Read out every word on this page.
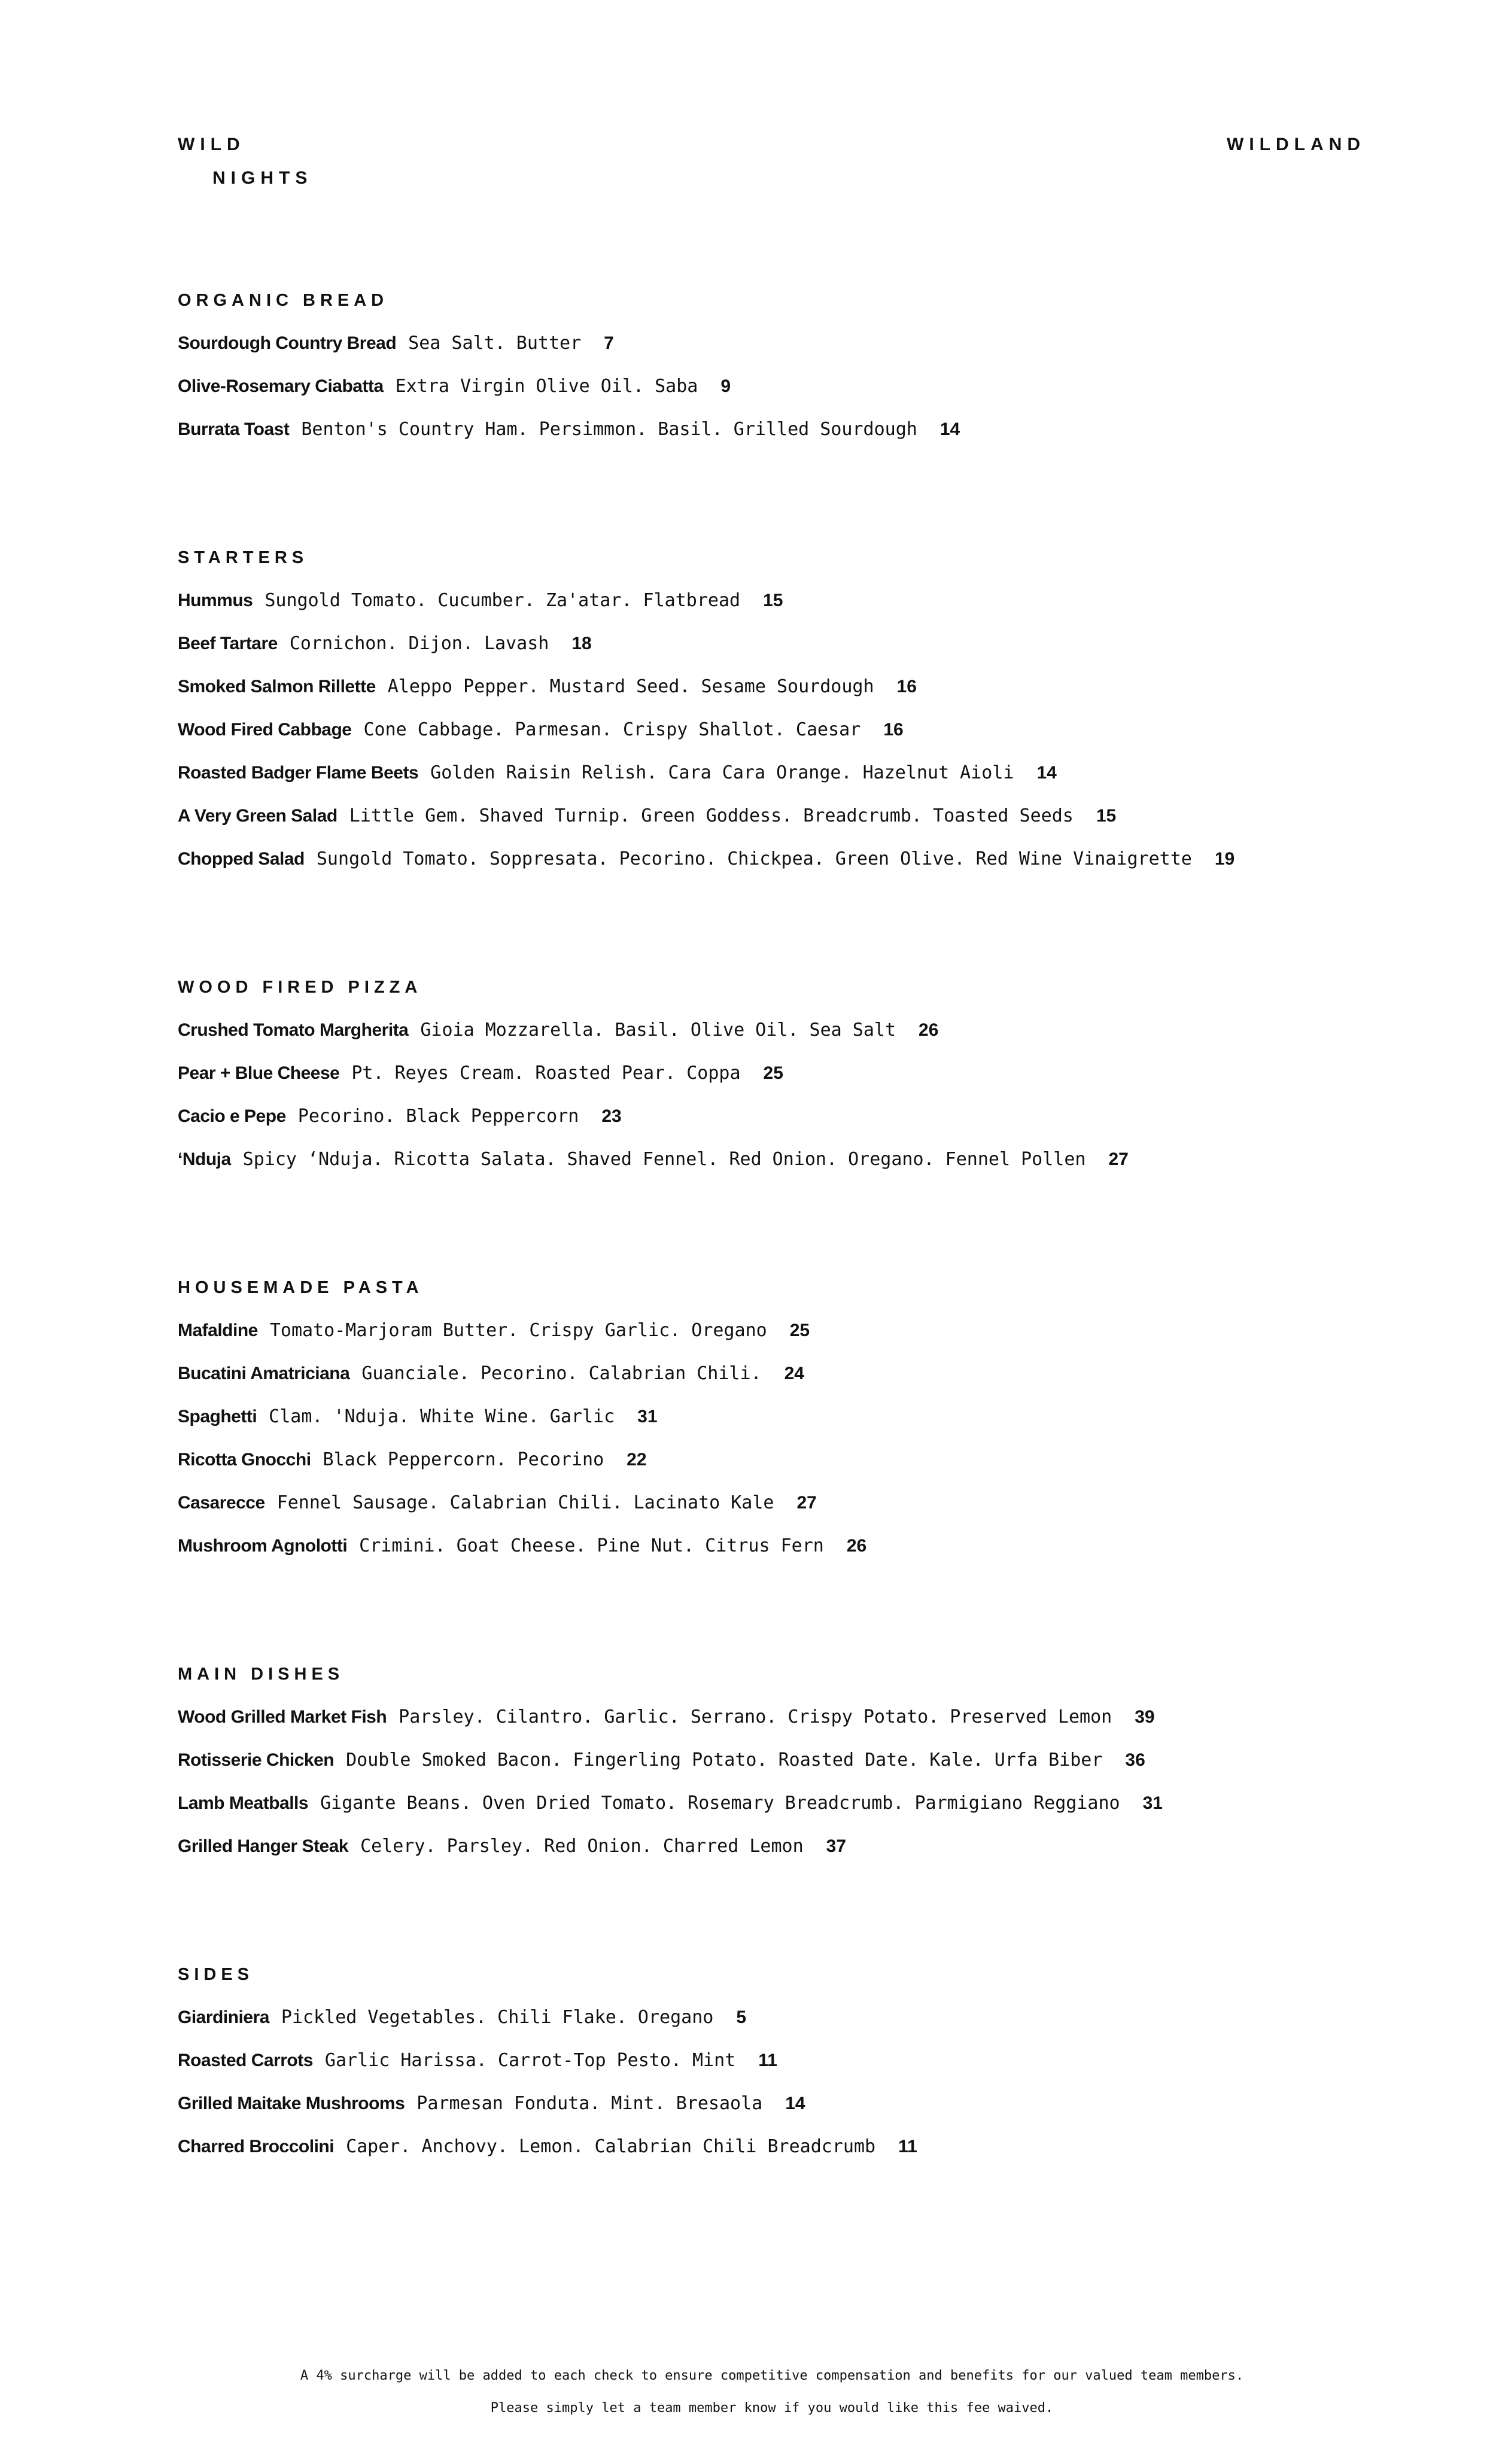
WILD
NIGHTS
WILDLAND
ORGANIC BREAD
Sourdough Country Bread Sea Salt. Butter 7
Olive-Rosemary Ciabatta Extra Virgin Olive Oil. Saba 9
Burrata Toast Benton's Country Ham. Persimmon. Basil. Grilled Sourdough 14
STARTERS
Hummus Sungold Tomato. Cucumber. Za'atar. Flatbread 15
Beef Tartare Cornichon. Dijon. Lavash 18
Smoked Salmon Rillette Aleppo Pepper. Mustard Seed. Sesame Sourdough 16
Wood Fired Cabbage Cone Cabbage. Parmesan. Crispy Shallot. Caesar 16
Roasted Badger Flame Beets Golden Raisin Relish. Cara Cara Orange. Hazelnut Aioli 14
A Very Green Salad Little Gem. Shaved Turnip. Green Goddess. Breadcrumb. Toasted Seeds 15
Chopped Salad Sungold Tomato. Soppresata. Pecorino. Chickpea. Green Olive. Red Wine Vinaigrette 19
WOOD FIRED PIZZA
Crushed Tomato Margherita Gioia Mozzarella. Basil. Olive Oil. Sea Salt 26
Pear + Blue Cheese Pt. Reyes Cream. Roasted Pear. Coppa 25
Cacio e Pepe Pecorino. Black Peppercorn 23
‘Nduja Spicy ‘Nduja. Ricotta Salata. Shaved Fennel. Red Onion. Oregano. Fennel Pollen 27
HOUSEMADE PASTA
Mafaldine Tomato-Marjoram Butter. Crispy Garlic. Oregano 25
Bucatini Amatriciana Guanciale. Pecorino. Calabrian Chili. 24
Spaghetti Clam. 'Nduja. White Wine. Garlic 31
Ricotta Gnocchi Black Peppercorn. Pecorino 22
Casarecce Fennel Sausage. Calabrian Chili. Lacinato Kale 27
Mushroom Agnolotti Crimini. Goat Cheese. Pine Nut. Citrus Fern 26
MAIN DISHES
Wood Grilled Market Fish Parsley. Cilantro. Garlic. Serrano. Crispy Potato. Preserved Lemon 39
Rotisserie Chicken Double Smoked Bacon. Fingerling Potato. Roasted Date. Kale. Urfa Biber 36
Lamb Meatballs Gigante Beans. Oven Dried Tomato. Rosemary Breadcrumb. Parmigiano Reggiano 31
Grilled Hanger Steak Celery. Parsley. Red Onion. Charred Lemon 37
SIDES
Giardiniera Pickled Vegetables. Chili Flake. Oregano 5
Roasted Carrots Garlic Harissa. Carrot-Top Pesto. Mint 11
Grilled Maitake Mushrooms Parmesan Fonduta. Mint. Bresaola 14
Charred Broccolini Caper. Anchovy. Lemon. Calabrian Chili Breadcrumb 11
A 4% surcharge will be added to each check to ensure competitive compensation and benefits for our valued team members.
Please simply let a team member know if you would like this fee waived.
